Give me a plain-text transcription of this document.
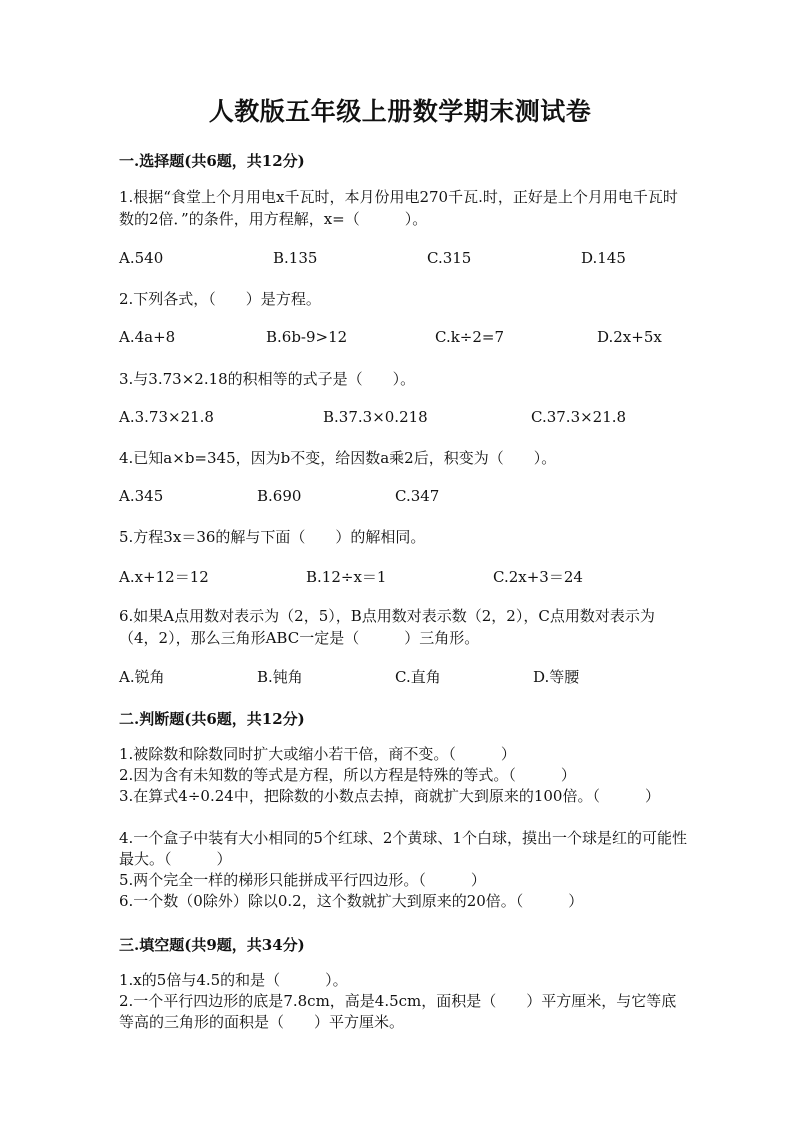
人教版五年级上册数学期末测试卷
一.选择题(共6题，共12分)
1.根据“食堂上个月用电x千瓦时，本月份用电270千瓦.时，正好是上个月用电千瓦时数的2倍．”的条件，用方程解，x=（　　　）。
A.540	B.135	C.315	D.145
2.下列各式，（　　）是方程。
A.4a+8	B.6b-9>12	C.k÷2=7	D.2x+5x
3.与3.73×2.18的积相等的式子是（　　）。
A.3.73×21.8	B.37.3×0.218	C.37.3×21.8
4.已知a×b=345，因为b不变，给因数a乘2后，积变为（　　）。
A.345	B.690	C.347
5.方程3x＝36的解与下面（　　）的解相同。
A.x+12＝12	B.12÷x＝1	C.2x+3＝24
6.如果A点用数对表示为（2，5），B点用数对表示数（2，2），C点用数对表示为（4，2），那么三角形ABC一定是（　　　）三角形。
A.锐角	B.钝角	C.直角	D.等腰
二.判断题(共6题，共12分)
1.被除数和除数同时扩大或缩小若干倍，商不变。（　　　）
2.因为含有未知数的等式是方程，所以方程是特殊的等式。（　　　）
3.在算式4÷0.24中，把除数的小数点去掉，商就扩大到原来的100倍。（　　　）
4.一个盒子中装有大小相同的5个红球、2个黄球、1个白球，摸出一个球是红的可能性最大。（　　　）
5.两个完全一样的梯形只能拼成平行四边形。（　　　）
6.一个数（0除外）除以0.2，这个数就扩大到原来的20倍。（　　　）
三.填空题(共9题，共34分)
1.x的5倍与4.5的和是（　　　）。
2.一个平行四边形的底是7.8cm，高是4.5cm，面积是（　　）平方厘米，与它等底等高的三角形的面积是（　　）平方厘米。
